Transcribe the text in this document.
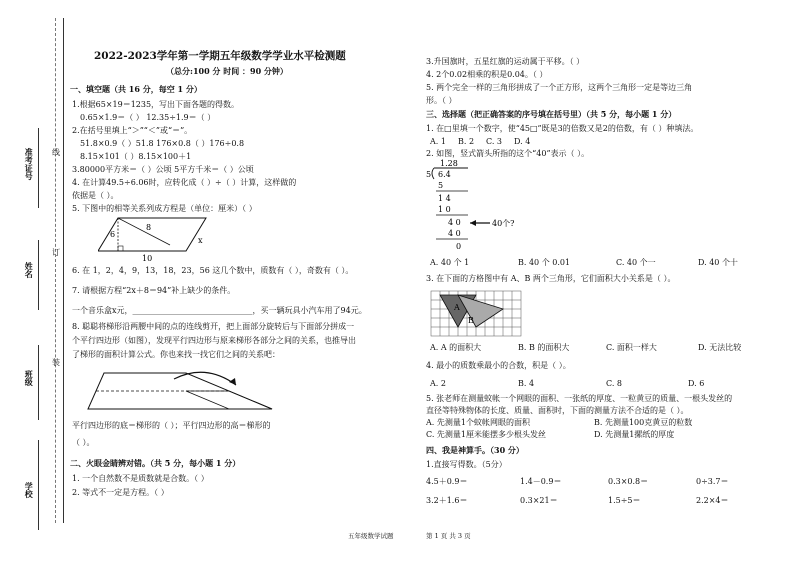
准考证号
姓名
班级
学校
线
订
装
2022-2023学年第一学期五年级数学学业水平检测题
（总分:100 分 时间 ：90 分钟）
一、填空题（共 16 分，每空 1 分）
1.根据65×19＝1235，写出下面各题的得数。
0.65×1.9＝（ ） 12.35÷1.9＝（ ）
2.在括号里填上“＞”“＜”或“＝”。
51.8×0.9（ ）51.8 176×0.8（ ）176÷0.8
8.15×101（ ）8.15×100＋1
3.80000平方米＝（ ）公顷 5平方千米＝（ ）公顷
4. 在计算49.5÷6.06时，应转化成（ ）÷（ ）计算，这样做的
依据是（ ）。
5. 下图中的相等关系列成方程是（单位：厘米）（ ）
6
8
10
x
6. 在 1，2，4，9，13，18，23，56 这几个数中，质数有（ ），奇数有（ ）。
7. 请根据方程“2x＋8＝94”补上缺少的条件。
一个音乐盒x元，______________________________，买一辆玩具小汽车用了94元。
8. 聪聪将梯形沿两腰中间的点的连线剪开，把上面部分旋转后与下面部分拼成一
个平行四边形（如图），发现平行四边形与原来梯形各部分之间的关系，也推导出
了梯形的面积计算公式。你也来找一找它们之间的关系吧：
平行四边形的底＝梯形的（ ）；平行四边形的高＝梯形的
（ ）。
二、火眼金睛辨对错。（共 5 分，每小题 1 分）
1. 一个自然数不是质数就是合数。（ ）
2. 等式不一定是方程。（ ）
3.升国旗时，五星红旗的运动属于平移。（ ）
4. 2个0.02相乘的积是0.04。（ ）
5. 两个完全一样的三角形拼成了一个正方形，这两个三角形一定是等边三角
形。（ ）
三、选择题（把正确答案的序号填在括号里）（共 5 分，每小题 1 分）
1. 在□里填一个数字，使“45□”既是3的倍数又是2的倍数，有（ ）种填法。
A. 1 B. 2 C. 3 D. 4
2. 如图，竖式箭头所指的这个“40”表示（ ）。
1.28
5 6.4
5
1 4
1 0
4 0
4 0
0
40个?
A. 40 个 1	B. 40 个 0.01	C. 40 个一	D. 40 个十
3. 在下面的方格图中有 A、B 两个三角形，它们面积大小关系是（ ）。
A
B
A. A 的面积大	B. B 的面积大	C. 面积一样大	D. 无法比较
4. 最小的质数乘最小的合数，积是（ ）。
A. 2	B. 4	C. 8	D. 6
5. 张老师在测量蚊帐一个网眼的面积、一张纸的厚度、一粒黄豆的质量、一根头发丝的
直径等特殊物体的长度、质量、面积时，下面的测量方法不合适的是（ ）。
A. 先测量1个蚊帐网眼的面积	B. 先测量100克黄豆的粒数
C. 先测量1厘米能摆多少根头发丝	D. 先测量1摞纸的厚度
四、我是神算手。（30 分）
1.直接写得数。（5分）
4.5＋0.9＝	1.4－0.9＝	0.3×0.8＝	0÷3.7＝
3.2＋1.6＝	0.3×21＝	1.5÷5＝	2.2×4＝
五年级数学试题	第 1 页 共 3 页
